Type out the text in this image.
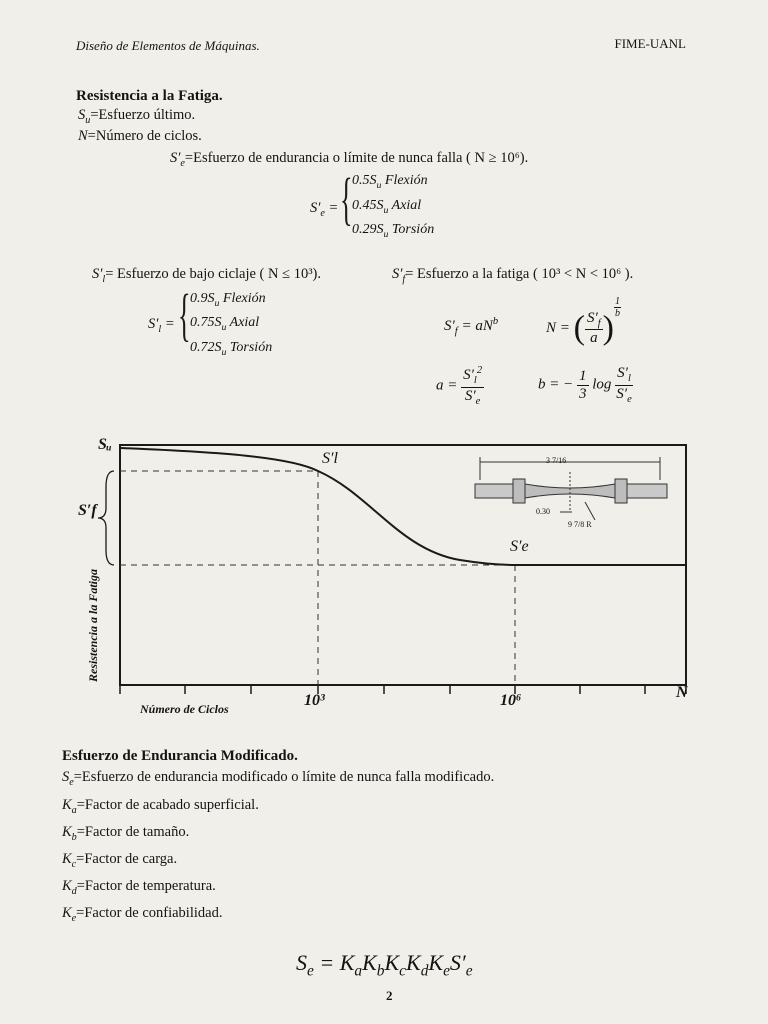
Diseño de Elementos de Máquinas.	FIME-UANL
Resistencia a la Fatiga.
$S_u=Esfuerzo$ último.
N=Número de ciclos.
$S'_e=Esfuerzo$ de endurancia o límite de nunca falla ( N ≥ 10⁶).
$S'_e$ = { $0.5S_u$ Flexión
$0.45S_u$ Axial
$0.29S_u$ Torsión
$S'_l=$ Esfuerzo de bajo ciclaje ( N ≤ 10³).	$S'_f=$ Esfuerzo a la fatiga ( 10³ < N < 10⁶ ).
$S'_l$ = { $0.9S_u$ Flexión
$0.75S_u$ Axial
$0.72S_u$ Torsión
$S'_f = aN^b$	N = ( $\frac{S'_f}{a}$ )
$^{\frac{1}{b}}$
$a = \frac{S'_l^2}{S'_e}$	b = − $\frac{1}{3}$ $\log \frac{S'_l}{S'_e}$
Sᵤ
S′f
S′l
S′e
Resistencia a la Fatiga
Número de Ciclos	10³	10⁶	N
3 7/16
0.30
9 7/8 R
Esfuerzo de Endurancia Modificado.
$S_e=Esfuerzo$ de endurancia modificado o límite de nunca falla modificado.
$K_a=Factor$ de acabado superficial.
$K_b=Factor$ de tamaño.
$K_c=Factor$ de carga.
$K_d=Factor$ de temperatura.
$K_e=Factor$ de confiabilidad.
$S_e = K_aK_bK_cK_dK_eS'_e$
2
